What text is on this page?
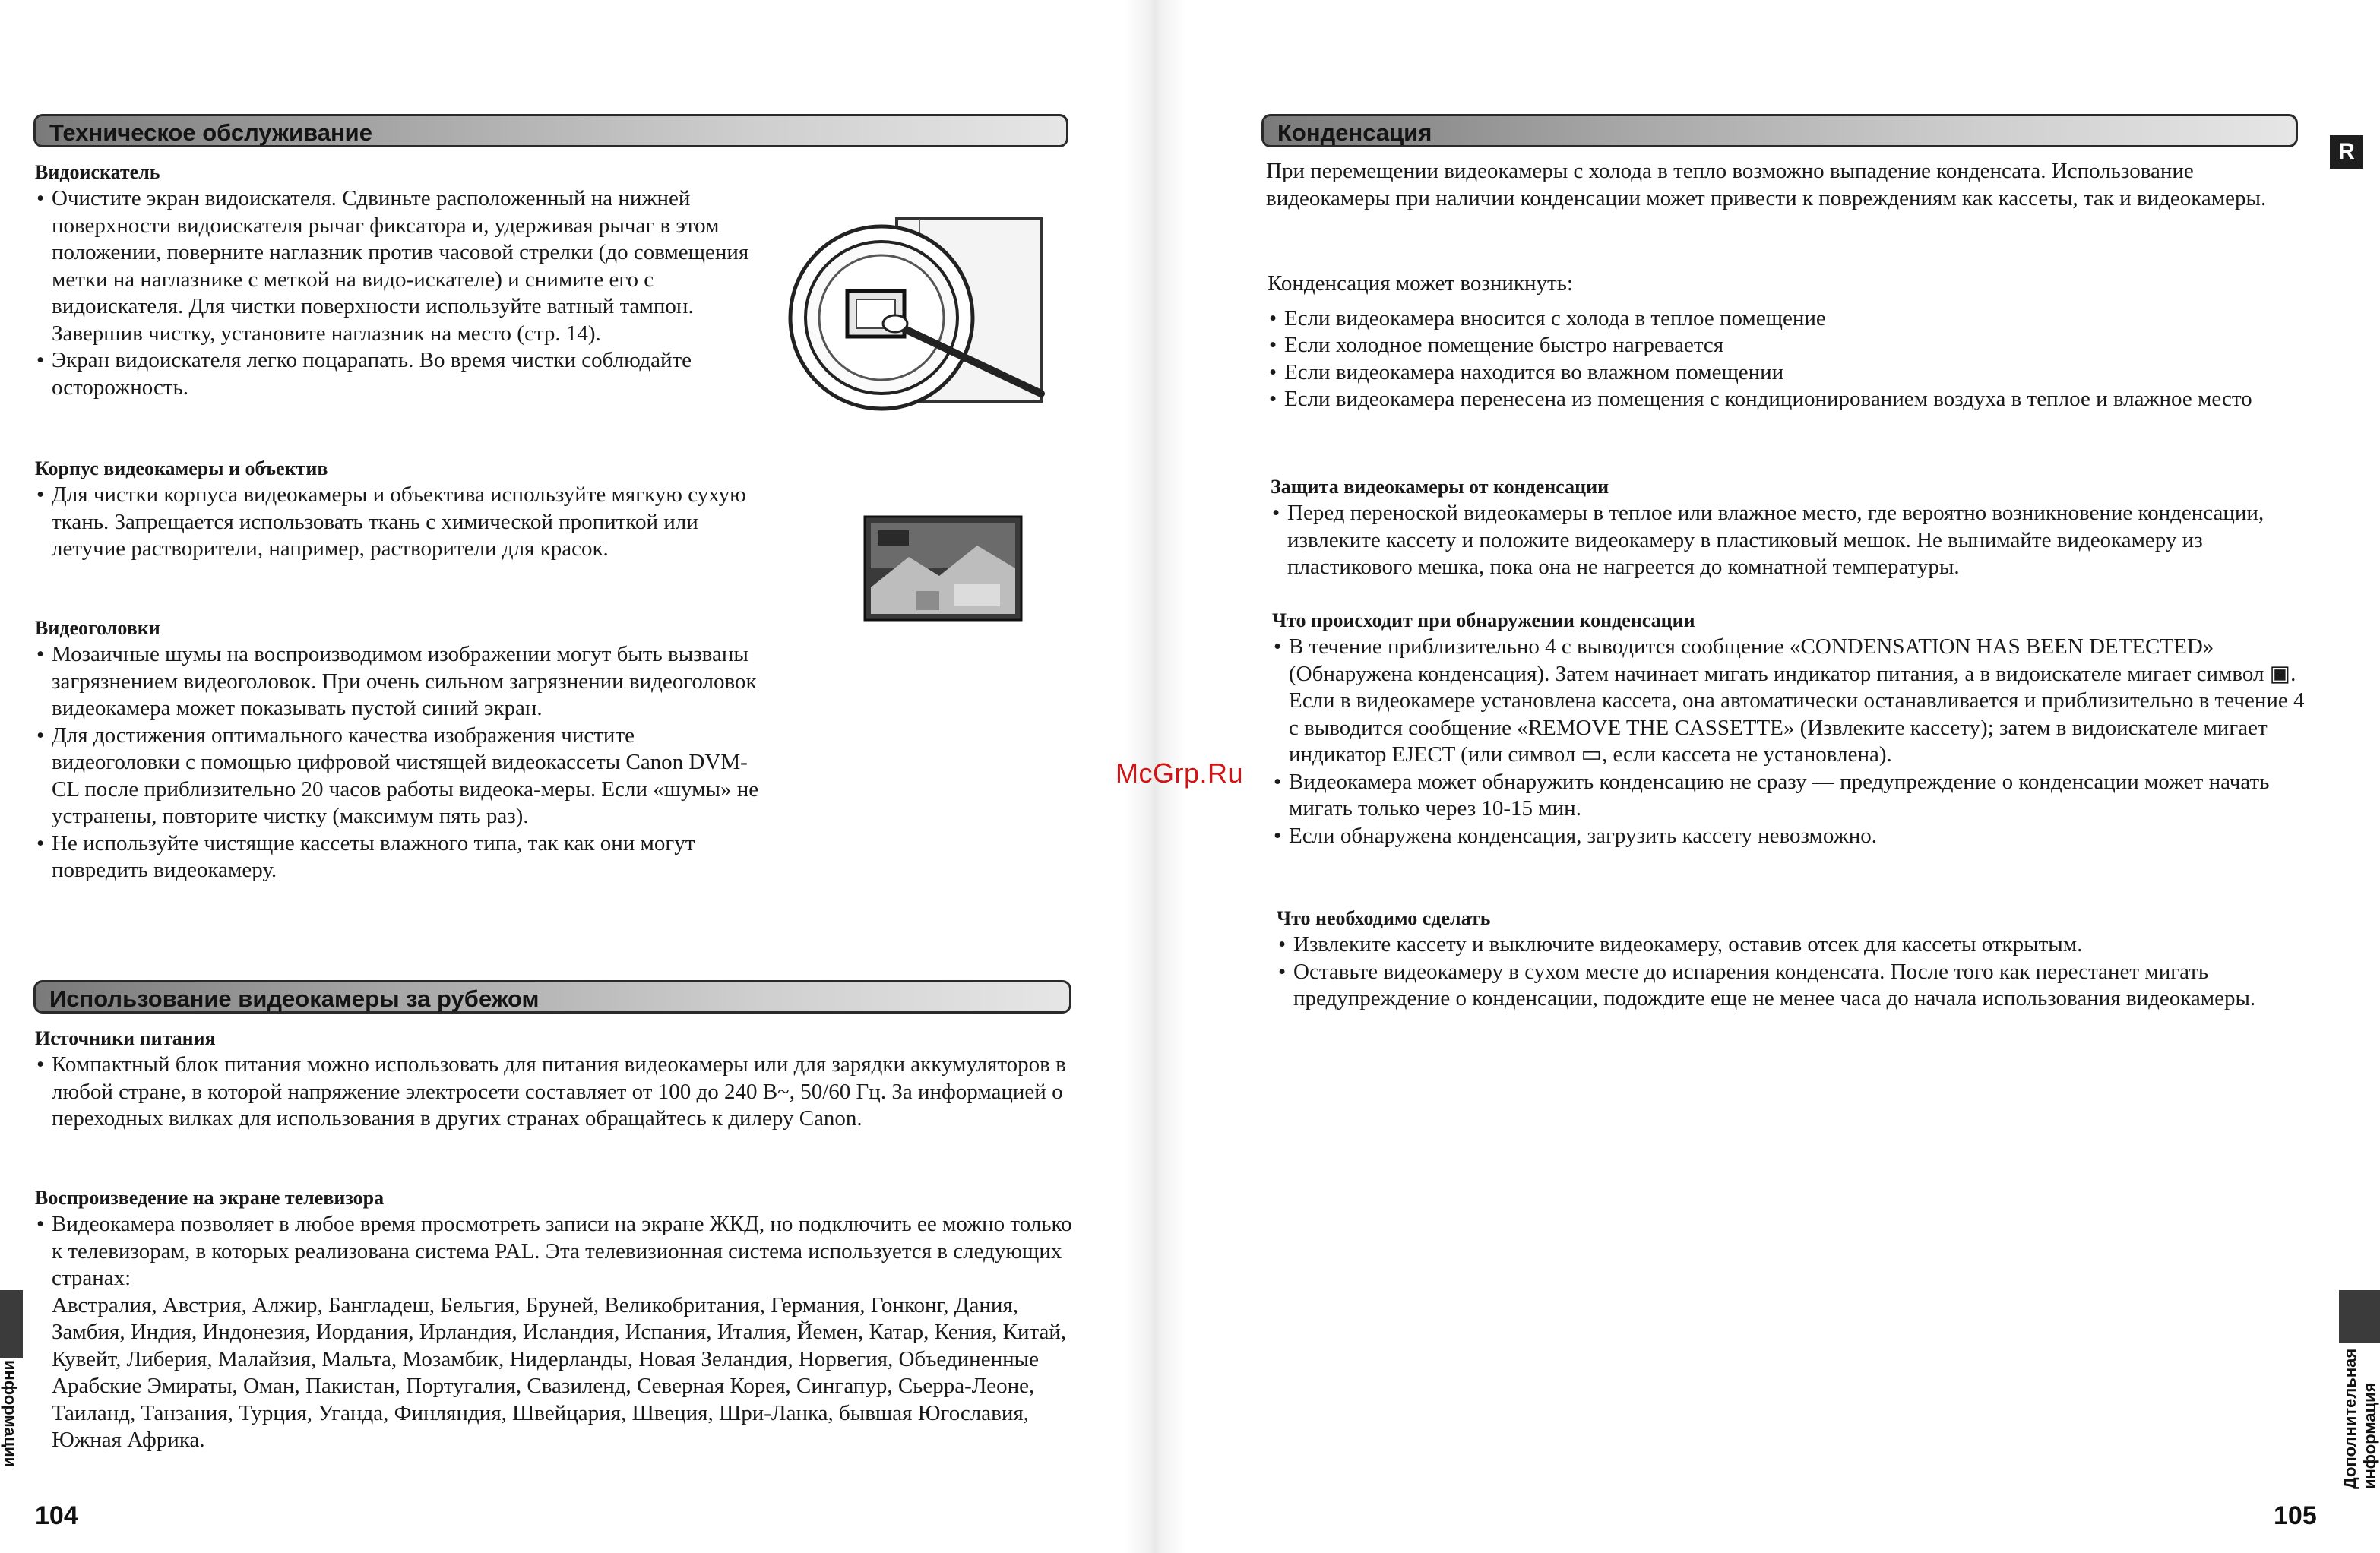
Техническое обслуживание
Видоискатель
• Очистите экран видоискателя. Сдвиньте расположенный на нижней поверхности видоискателя рычаг фиксатора и, удерживая рычаг в этом положении, поверните наглазник против часовой стрелки (до совмещения метки на наглазнике с меткой на видо-искателе) и снимите его с видоискателя. Для чистки поверхности используйте ватный тампон. Завершив чистку, установите наглазник на место (стр. 14).
• Экран видоискателя легко поцарапать. Во время чистки соблюдайте осторожность.
Корпус видеокамеры и объектив
• Для чистки корпуса видеокамеры и объектива используйте мягкую сухую ткань. Запрещается использовать ткань с химической пропиткой или летучие растворители, например, растворители для красок.
Видеоголовки
• Мозаичные шумы на воспроизводимом изображении могут быть вызваны загрязнением видеоголовок. При очень сильном загрязнении видеоголовок видеокамера может показывать пустой синий экран.
• Для достижения оптимального качества изображения чистите видеоголовки с помощью цифровой чистящей видеокассеты Canon DVM-CL после приблизительно 20 часов работы видеока-меры. Если «шумы» не устранены, повторите чистку (максимум пять раз).
• Не используйте чистящие кассеты влажного типа, так как они могут повредить видеокамеру.
Использование видеокамеры за рубежом
Источники питания
• Компактный блок питания можно использовать для питания видеокамеры или для зарядки аккумуляторов в любой стране, в которой напряжение электросети составляет от 100 до 240 В~, 50/60 Гц. За информацией о переходных вилках для использования в других странах обращайтесь к дилеру Canon.
Воспроизведение на экране телевизора
• Видеокамера позволяет в любое время просмотреть записи на экране ЖКД, но подключить ее можно только к телевизорам, в которых реализована система PAL. Эта телевизионная система используется в следующих странах:

Австралия, Австрия, Алжир, Бангладеш, Бельгия, Бруней, Великобритания, Германия, Гонконг, Дания, Замбия, Индия, Индонезия, Иордания, Ирландия, Исландия, Испания, Италия, Йемен, Катар, Кения, Китай, Кувейт, Либерия, Малайзия, Мальта, Мозамбик, Нидерланды, Новая Зеландия, Норвегия, Объединенные Арабские Эмираты, Оман, Пакистан, Португалия, Свазиленд, Северная Корея, Сингапур, Сьерра-Леоне, Таиланд, Танзания, Турция, Уганда, Финляндия, Швейцария, Швеция, Шри-Ланка, бывшая Югославия, Южная Африка.

информации
104
Конденсация
R

При перемещении видеокамеры с холода в тепло возможно выпадение конденсата. Использование видеокамеры при наличии конденсации может привести к повреждениям как кассеты, так и видеокамеры.

Конденсация может возникнуть:

• Если видеокамера вносится с холода в теплое помещение
• Если холодное помещение быстро нагревается
• Если видеокамера находится во влажном помещении
• Если видеокамера перенесена из помещения с кондиционированием воздуха в теплое и влажное место
Защита видеокамеры от конденсации
• Перед переноской видеокамеры в теплое или влажное место, где вероятно возникновение конденсации, извлеките кассету и положите видеокамеру в пластиковый мешок. Не вынимайте видеокамеру из пластикового мешка, пока она не нагреется до комнатной температуры.
Что происходит при обнаружении конденсации
• В течение приблизительно 4 с выводится сообщение «CONDENSATION HAS BEEN DETECTED» (Обнаружена конденсация). Затем начинает мигать индикатор питания, а в видоискателе мигает символ ▣. Если в видеокамере установлена кассета, она автоматически останавливается и приблизительно в течение 4 с выводится сообщение «REMOVE THE CASSETTE» (Извлеките кассету); затем в видоискателе мигает индикатор EJECT (или символ ▭, если кассета не установлена).
• Видеокамера может обнаружить конденсацию не сразу — предупреждение о конденсации может начать мигать только через 10-15 мин.
• Если обнаружена конденсация, загрузить кассету невозможно.
Что необходимо сделать
• Извлеките кассету и выключите видеокамеру, оставив отсек для кассеты открытым.
• Оставьте видеокамеру в сухом месте до испарения конденсата. После того как перестанет мигать предупреждение о конденсации, подождите еще не менее часа до начала использования видеокамеры.
Дополнительная информация
105
McGrp.Ru
